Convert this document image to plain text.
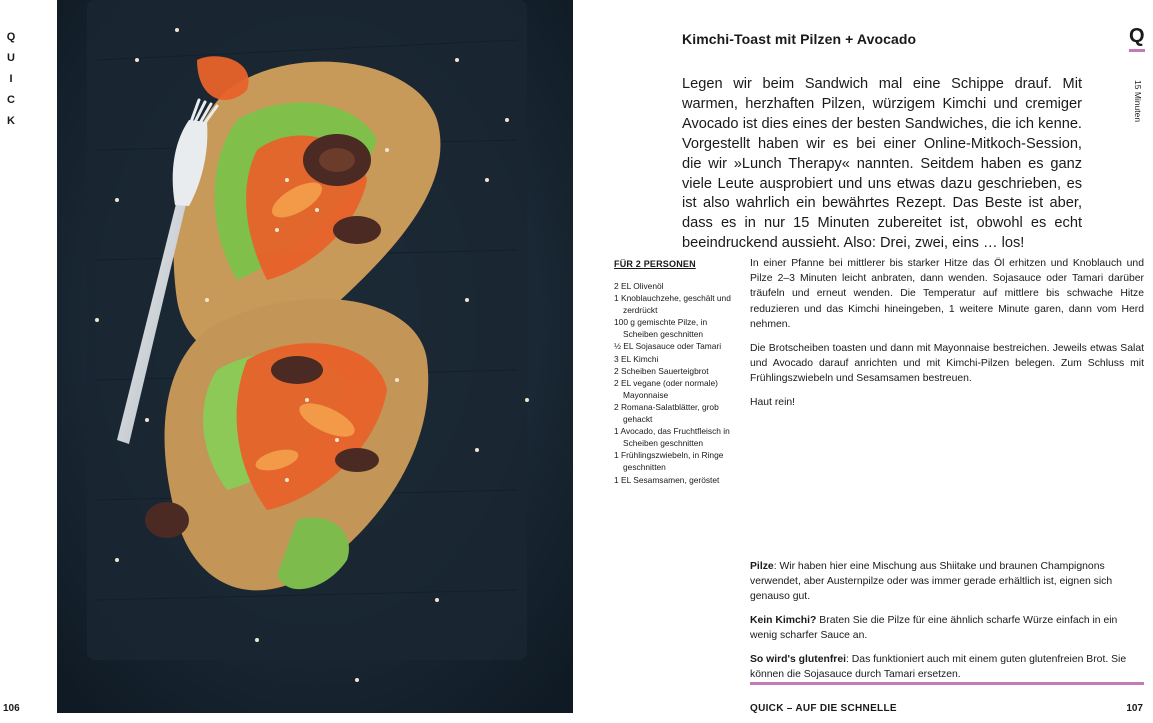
Q
U
I
C
K
106
Kimchi-Toast mit Pilzen + Avocado	Q
15 Minuten

Legen wir beim Sandwich mal eine Schippe drauf. Mit warmen, herzhaften Pilzen, würzigem Kimchi und cremiger Avocado ist dies eines der besten Sandwiches, die ich kenne. Vorgestellt haben wir es bei einer Online-Mitkoch-Session, die wir »Lunch Therapy« nannten. Seitdem haben es ganz viele Leute ausprobiert und uns etwas dazu geschrieben, es ist also wahrlich ein bewährtes Rezept. Das Beste ist aber, dass es in nur 15 Minuten zubereitet ist, obwohl es echt beeindruckend aussieht. Also: Drei, zwei, eins … los!

FÜR 2 PERSONEN
2 EL Olivenöl
1 Knoblauchzehe, geschält und zerdrückt
100 g gemischte Pilze, in Scheiben geschnitten
½ EL Sojasauce oder Tamari
3 EL Kimchi
2 Scheiben Sauerteigbrot
2 EL vegane (oder normale) Mayonnaise
2 Romana-Salatblätter, grob gehackt
1 Avocado, das Fruchtfleisch in Scheiben geschnitten
1 Frühlingszwiebeln, in Ringe geschnitten
1 EL Sesamsamen, geröstet

In einer Pfanne bei mittlerer bis starker Hitze das Öl erhitzen und Knoblauch und Pilze 2–3 Minuten leicht anbraten, dann wenden. Sojasauce oder Tamari darüber träufeln und erneut wenden. Die Temperatur auf mittlere bis schwache Hitze reduzieren und das Kimchi hineingeben, 1 weitere Minute garen, dann vom Herd nehmen.

Die Brotscheiben toasten und dann mit Mayonnaise bestreichen. Jeweils etwas Salat und Avocado darauf anrichten und mit Kimchi-Pilzen belegen. Zum Schluss mit Frühlingszwiebeln und Sesamsamen bestreuen.

Haut rein!

Pilze: Wir haben hier eine Mischung aus Shiitake und braunen Champignons verwendet, aber Austernpilze oder was immer gerade erhältlich ist, eignen sich genauso gut.

Kein Kimchi? Braten Sie die Pilze für eine ähnlich scharfe Würze einfach in ein wenig scharfer Sauce an.

So wird's glutenfrei: Das funktioniert auch mit einem guten glutenfreien Brot. Sie können die Sojasauce durch Tamari ersetzen.

QUICK – AUF DIE SCHNELLE	107
